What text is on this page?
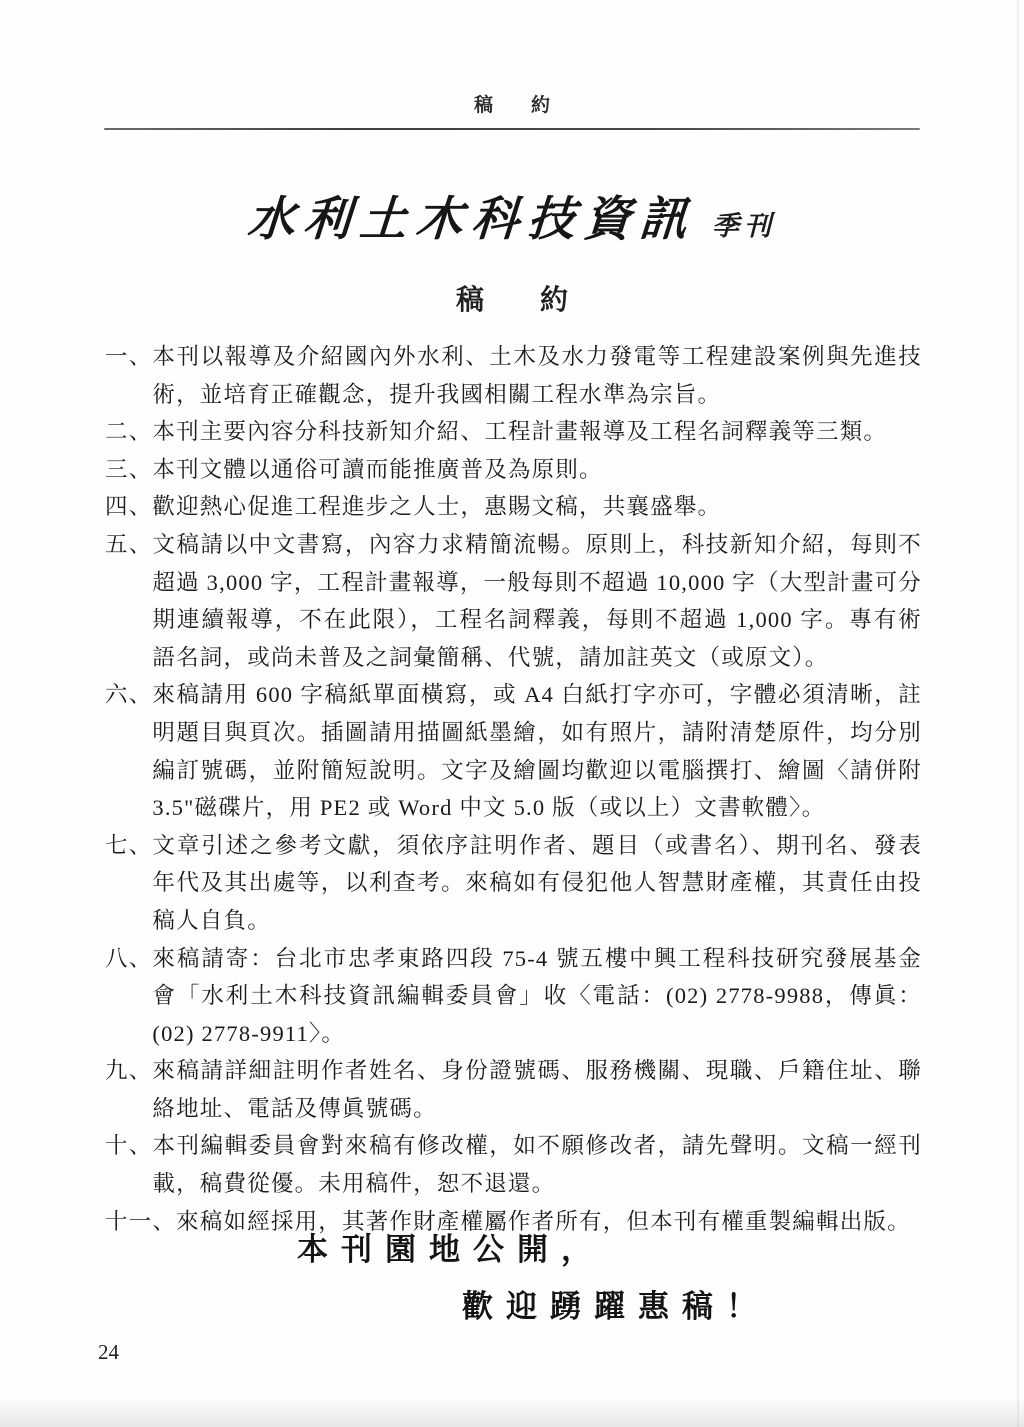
稿　　約
水利土木科技資訊 季刊
稿　　約
一、 本刊以報導及介紹國內外水利、土木及水力發電等工程建設案例與先進技術，並培育正確觀念，提升我國相關工程水準為宗旨。
二、 本刊主要內容分科技新知介紹、工程計畫報導及工程名詞釋義等三類。
三、 本刊文體以通俗可讀而能推廣普及為原則。
四、 歡迎熱心促進工程進步之人士，惠賜文稿，共襄盛舉。
五、 文稿請以中文書寫，內容力求精簡流暢。原則上，科技新知介紹，每則不超過 3,000 字，工程計畫報導，一般每則不超過 10,000 字（大型計畫可分期連續報導，不在此限），工程名詞釋義，每則不超過 1,000 字。專有術語名詞，或尚未普及之詞彙簡稱、代號，請加註英文（或原文）。
六、 來稿請用 600 字稿紙單面橫寫，或 A4 白紙打字亦可，字體必須清晰，註明題目與頁次。插圖請用描圖紙墨繪，如有照片，請附清楚原件，均分別編訂號碼，並附簡短說明。文字及繪圖均歡迎以電腦撰打、繪圖〈請併附 3.5"磁碟片，用 PE2 或 Word 中文 5.0 版（或以上）文書軟體〉。
七、 文章引述之參考文獻，須依序註明作者、題目（或書名）、期刊名、發表年代及其出處等，以利查考。來稿如有侵犯他人智慧財產權，其責任由投稿人自負。
八、 來稿請寄：台北市忠孝東路四段 75-4 號五樓中興工程科技研究發展基金會「水利土木科技資訊編輯委員會」收〈電話：(02) 2778-9988，傳眞：(02) 2778-9911〉。
九、 來稿請詳細註明作者姓名、身份證號碼、服務機關、現職、戶籍住址、聯絡地址、電話及傳眞號碼。
十、 本刊編輯委員會對來稿有修改權，如不願修改者，請先聲明。文稿一經刊載，稿費從優。未用稿件，恕不退還。
十一、 來稿如經採用，其著作財產權屬作者所有，但本刊有權重製編輯出版。
本刊園地公開，
歡迎踴躍惠稿！
24
